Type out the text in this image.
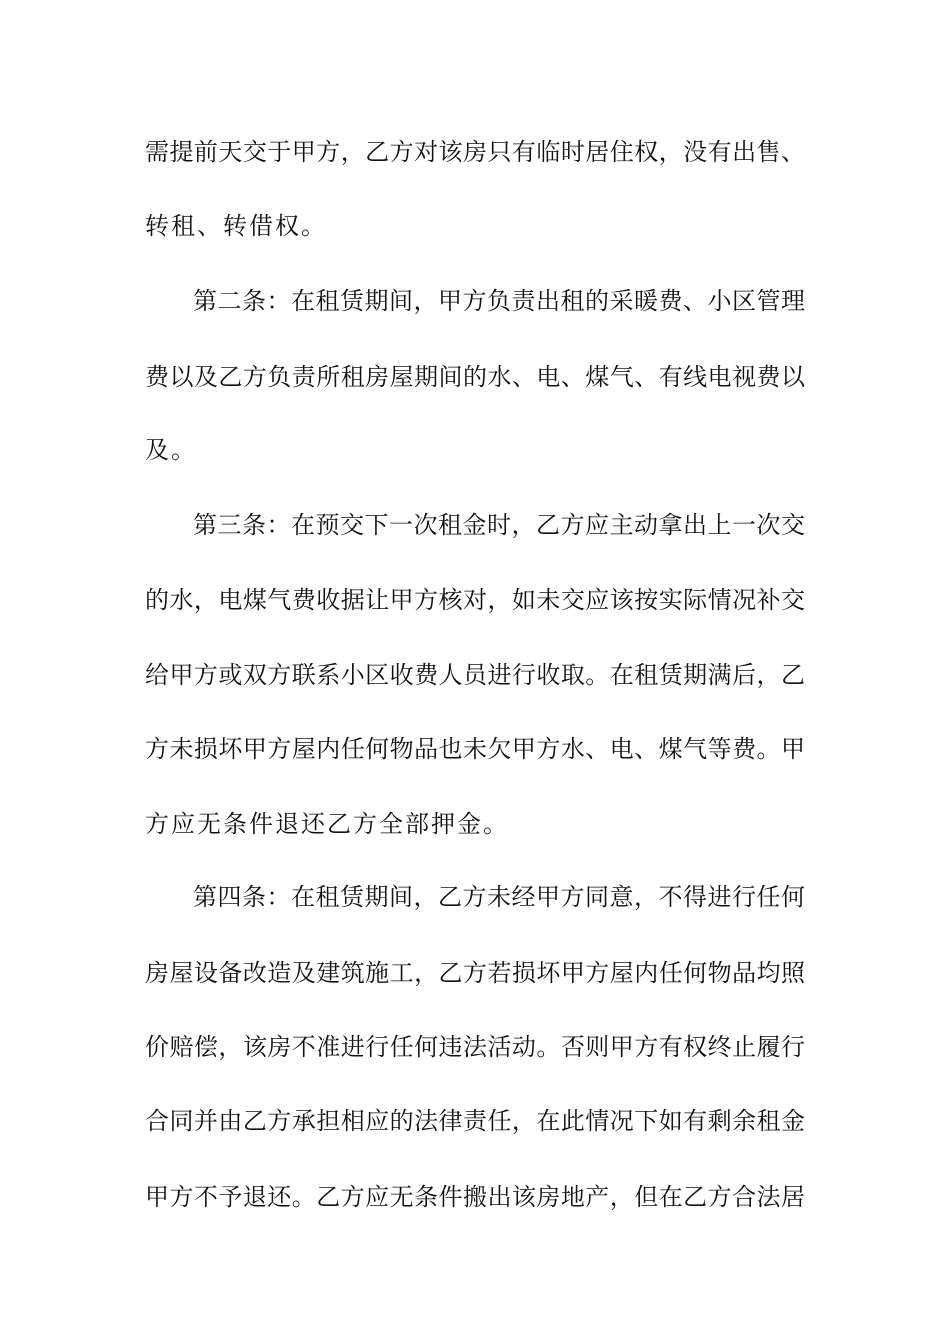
需提前天交于甲方，乙方对该房只有临时居住权，没有出售、
转租、转借权。
第二条：在租赁期间，甲方负责出租的采暖费、小区管理
费以及乙方负责所租房屋期间的水、电、煤气、有线电视费以
及。
第三条：在预交下一次租金时，乙方应主动拿出上一次交
的水，电煤气费收据让甲方核对，如未交应该按实际情况补交
给甲方或双方联系小区收费人员进行收取。在租赁期满后，乙
方未损坏甲方屋内任何物品也未欠甲方水、电、煤气等费。甲
方应无条件退还乙方全部押金。
第四条：在租赁期间，乙方未经甲方同意，不得进行任何
房屋设备改造及建筑施工，乙方若损坏甲方屋内任何物品均照
价赔偿，该房不准进行任何违法活动。否则甲方有权终止履行
合同并由乙方承担相应的法律责任，在此情况下如有剩余租金
甲方不予退还。乙方应无条件搬出该房地产，但在乙方合法居
